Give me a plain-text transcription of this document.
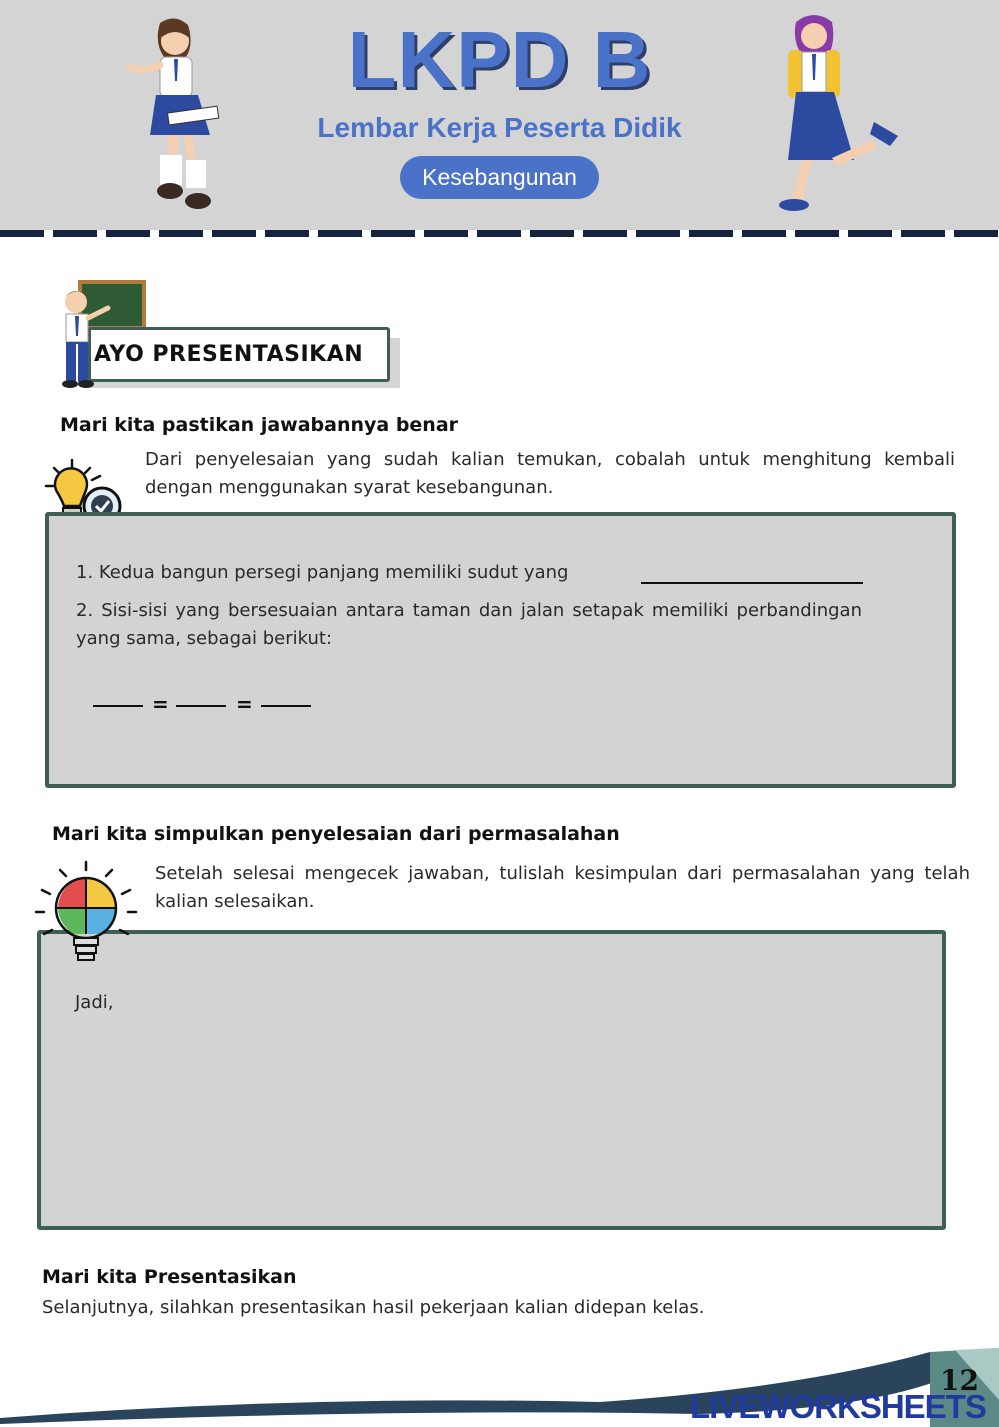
LKPD B
Lembar Kerja Peserta Didik
Kesebangunan
AYO PRESENTASIKAN
Mari kita pastikan jawabannya benar
Dari penyelesaian yang sudah kalian temukan, cobalah untuk menghitung kembali dengan menggunakan syarat kesebangunan.
1. Kedua bangun persegi panjang memiliki sudut yang
2. Sisi-sisi yang bersesuaian antara taman dan jalan setapak memiliki perbandingan yang sama, sebagai berikut:
=	=
Mari kita simpulkan penyelesaian dari permasalahan
Setelah selesai mengecek jawaban, tulislah kesimpulan dari permasalahan yang telah kalian selesaikan.
Jadi,
Mari kita Presentasikan
Selanjutnya, silahkan presentasikan hasil pekerjaan kalian didepan kelas.
12
LIVEWORKSHEETS
